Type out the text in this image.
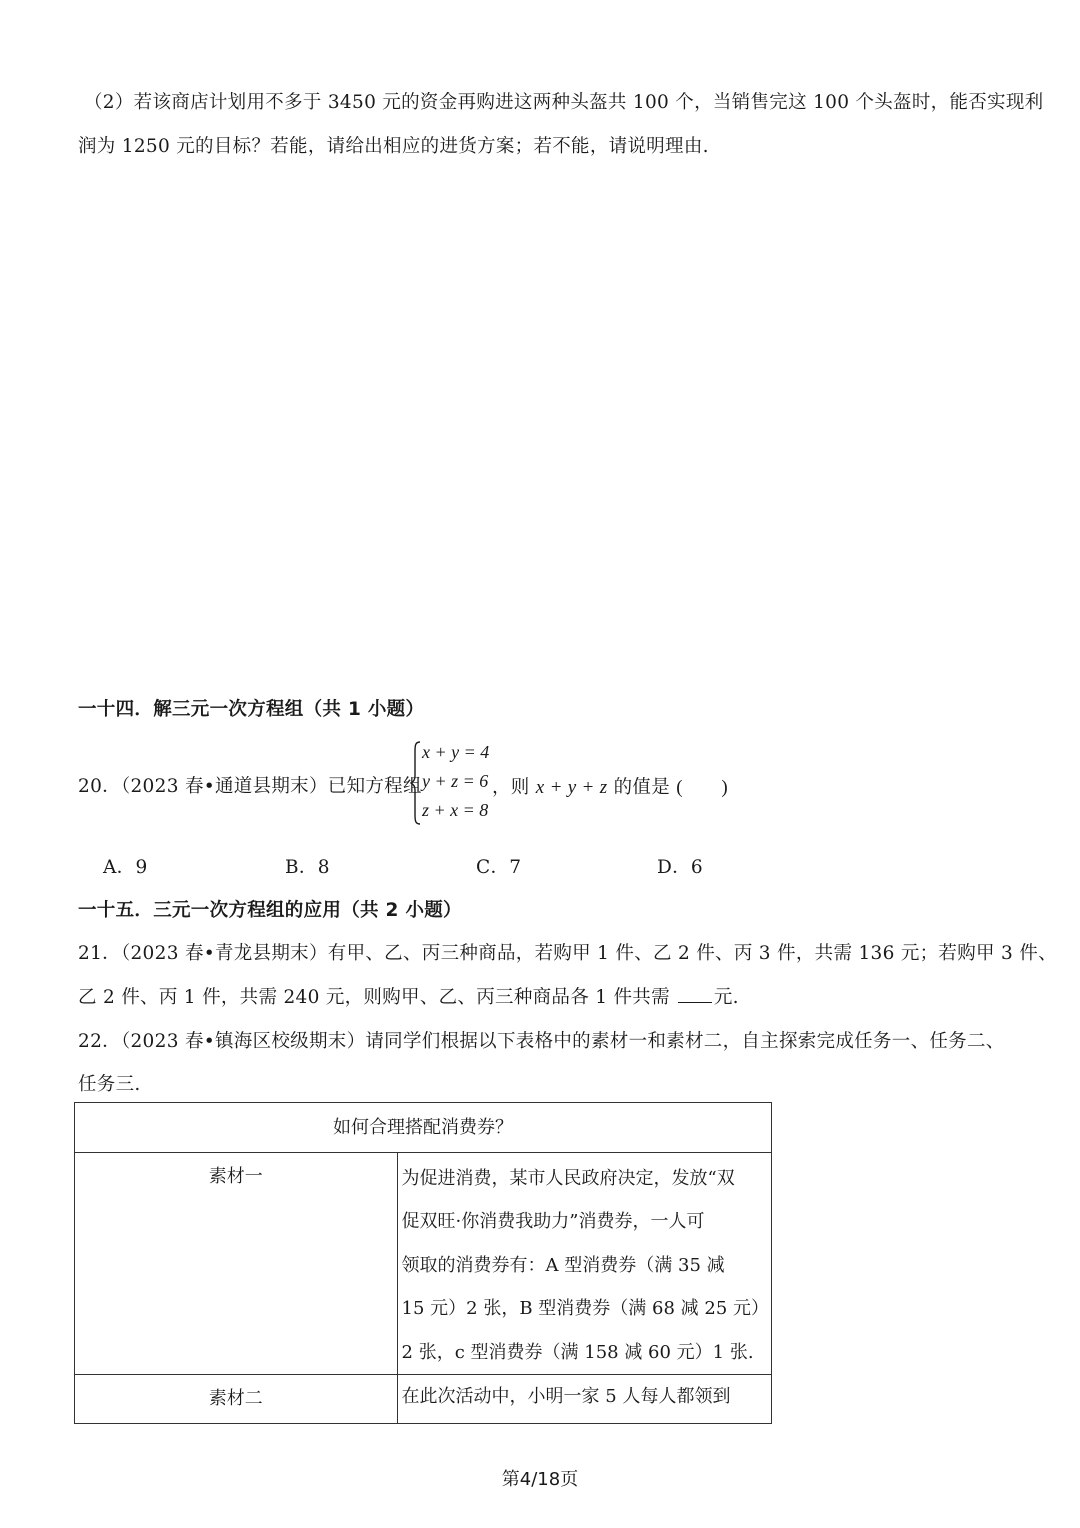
（2）若该商店计划用不多于 3450 元的资金再购进这两种头盔共 100 个，当销售完这 100 个头盔时，能否实现利
润为 1250 元的目标？若能，请给出相应的进货方案；若不能，请说明理由.
一十四．解三元一次方程组（共 1 小题）
20．（2023 春•通道县期末）已知方程组
x + y = 4
y + z = 6
z + x = 8
，则 x + y + z 的值是 (　　)
A．9	B．8	C．7	D．6
一十五．三元一次方程组的应用（共 2 小题）
21．（2023 春•青龙县期末）有甲、乙、丙三种商品，若购甲 1 件、乙 2 件、丙 3 件，共需 136 元；若购甲 3 件、
乙 2 件、丙 1 件，共需 240 元，则购甲、乙、丙三种商品各 1 件共需 元.
22．（2023 春•镇海区校级期末）请同学们根据以下表格中的素材一和素材二，自主探索完成任务一、任务二、
任务三.
如何合理搭配消费券？	

素材一	为促进消费，某市人民政府决定，发放“双
促双旺·你消费我助力”消费券，一人可
领取的消费券有：A 型消费券（满 35 减
15 元）2 张，B 型消费券（满 68 减 25 元）
2 张，c 型消费券（满 158 减 60 元）1 张.

素材二	在此次活动中，小明一家 5 人每人都领到
第4/18页
